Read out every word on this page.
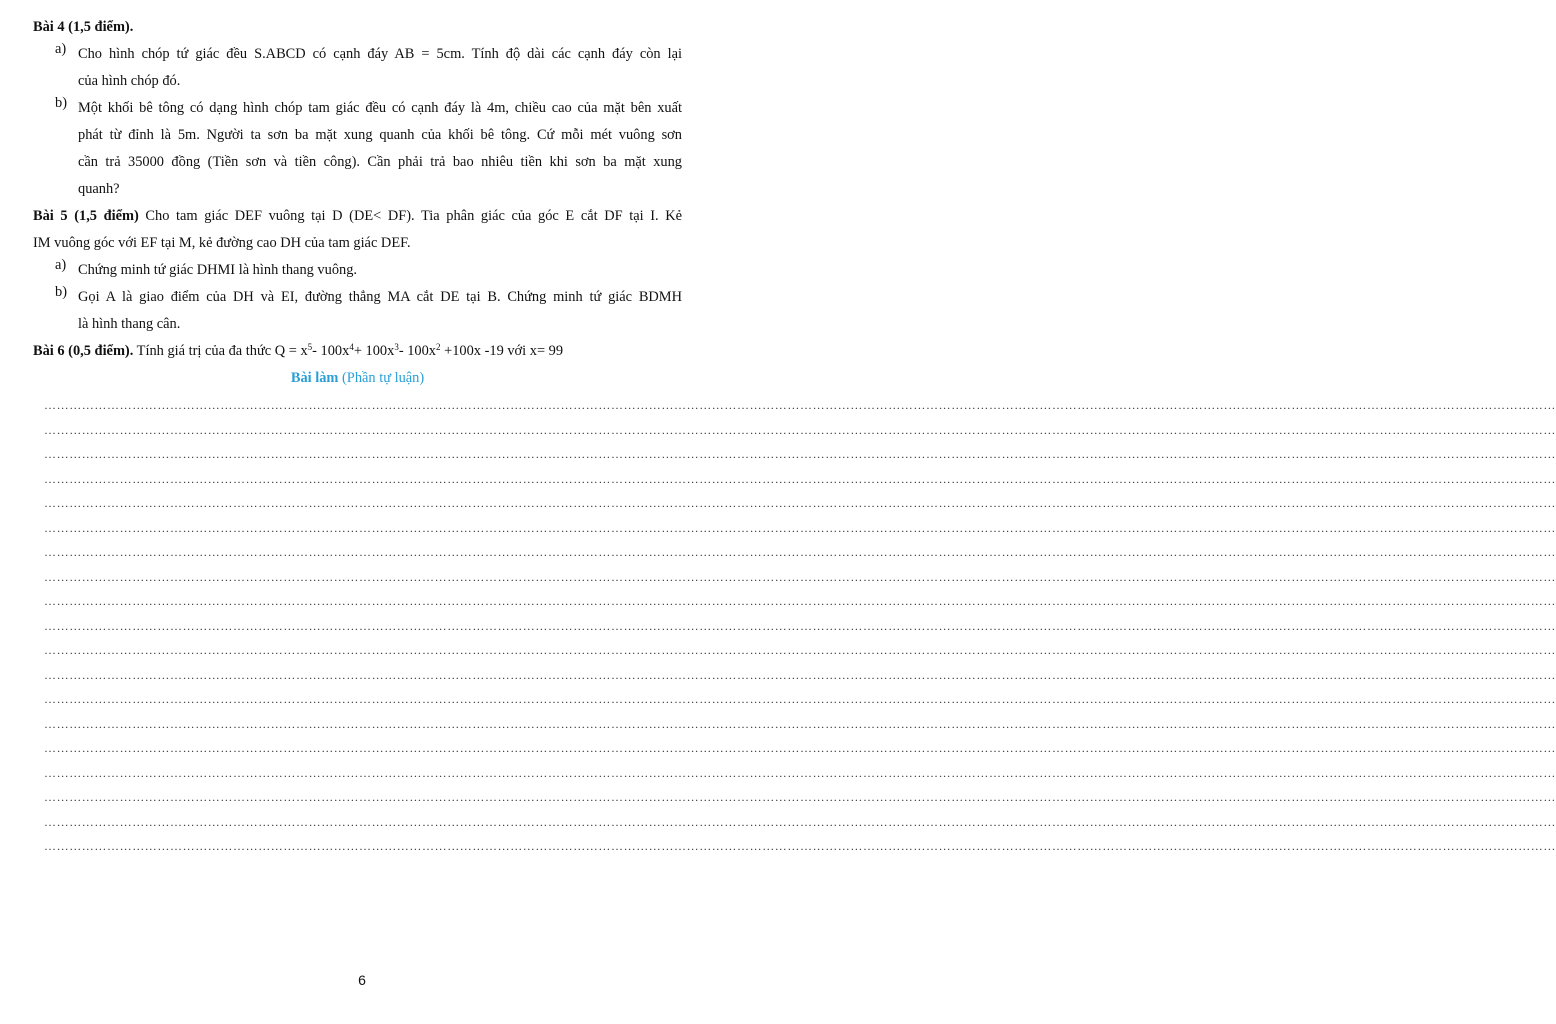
Bài 4 (1,5 điểm).
a) Cho hình chóp tứ giác đều S.ABCD có cạnh đáy AB = 5cm. Tính độ dài các cạnh đáy còn lại
của hình chóp đó.
b) Một khối bê tông có dạng hình chóp tam giác đều có cạnh đáy là 4m, chiều cao của mặt bên xuất
phát từ đỉnh là 5m. Người ta sơn ba mặt xung quanh của khối bê tông. Cứ mỗi mét vuông sơn
cần trả 35000 đồng (Tiền sơn và tiền công). Cần phải trả bao nhiêu tiền khi sơn ba mặt xung
quanh?
Bài 5 (1,5 điểm) Cho tam giác DEF vuông tại D (DE< DF). Tia phân giác của góc E cắt DF tại I. Kẻ
IM vuông góc với EF tại M, kẻ đường cao DH của tam giác DEF.
a) Chứng minh tứ giác DHMI là hình thang vuông.
b) Gọi A là giao điểm của DH và EI, đường thẳng MA cắt DE tại B. Chứng minh tứ giác BDMH
là hình thang cân.
Bài 6 (0,5 điểm). Tính giá trị của đa thức $Q = x^5-$ $100x^4+ 100x^3-$ $100x^2 +100x$ -19 với x= 99
Bài làm (Phần tự luận)
………………………………………………………………………………………………………………………………………………………………………………………………………………………………………………………………………………………………………………………………
………………………………………………………………………………………………………………………………………………………………………………………………………………………………………………………………………………………………………………………………
………………………………………………………………………………………………………………………………………………………………………………………………………………………………………………………………………………………………………………………………
………………………………………………………………………………………………………………………………………………………………………………………………………………………………………………………………………………………………………………………………
………………………………………………………………………………………………………………………………………………………………………………………………………………………………………………………………………………………………………………………………
………………………………………………………………………………………………………………………………………………………………………………………………………………………………………………………………………………………………………………………………
………………………………………………………………………………………………………………………………………………………………………………………………………………………………………………………………………………………………………………………………
………………………………………………………………………………………………………………………………………………………………………………………………………………………………………………………………………………………………………………………………
………………………………………………………………………………………………………………………………………………………………………………………………………………………………………………………………………………………………………………………………
………………………………………………………………………………………………………………………………………………………………………………………………………………………………………………………………………………………………………………………………
………………………………………………………………………………………………………………………………………………………………………………………………………………………………………………………………………………………………………………………………
………………………………………………………………………………………………………………………………………………………………………………………………………………………………………………………………………………………………………………………………
………………………………………………………………………………………………………………………………………………………………………………………………………………………………………………………………………………………………………………………………
………………………………………………………………………………………………………………………………………………………………………………………………………………………………………………………………………………………………………………………………
………………………………………………………………………………………………………………………………………………………………………………………………………………………………………………………………………………………………………………………………
………………………………………………………………………………………………………………………………………………………………………………………………………………………………………………………………………………………………………………………………
………………………………………………………………………………………………………………………………………………………………………………………………………………………………………………………………………………………………………………………………
………………………………………………………………………………………………………………………………………………………………………………………………………………………………………………………………………………………………………………………………
………………………………………………………………………………………………………………………………………………………………………………………………………………………………………………………………………………………………………………………………
6
